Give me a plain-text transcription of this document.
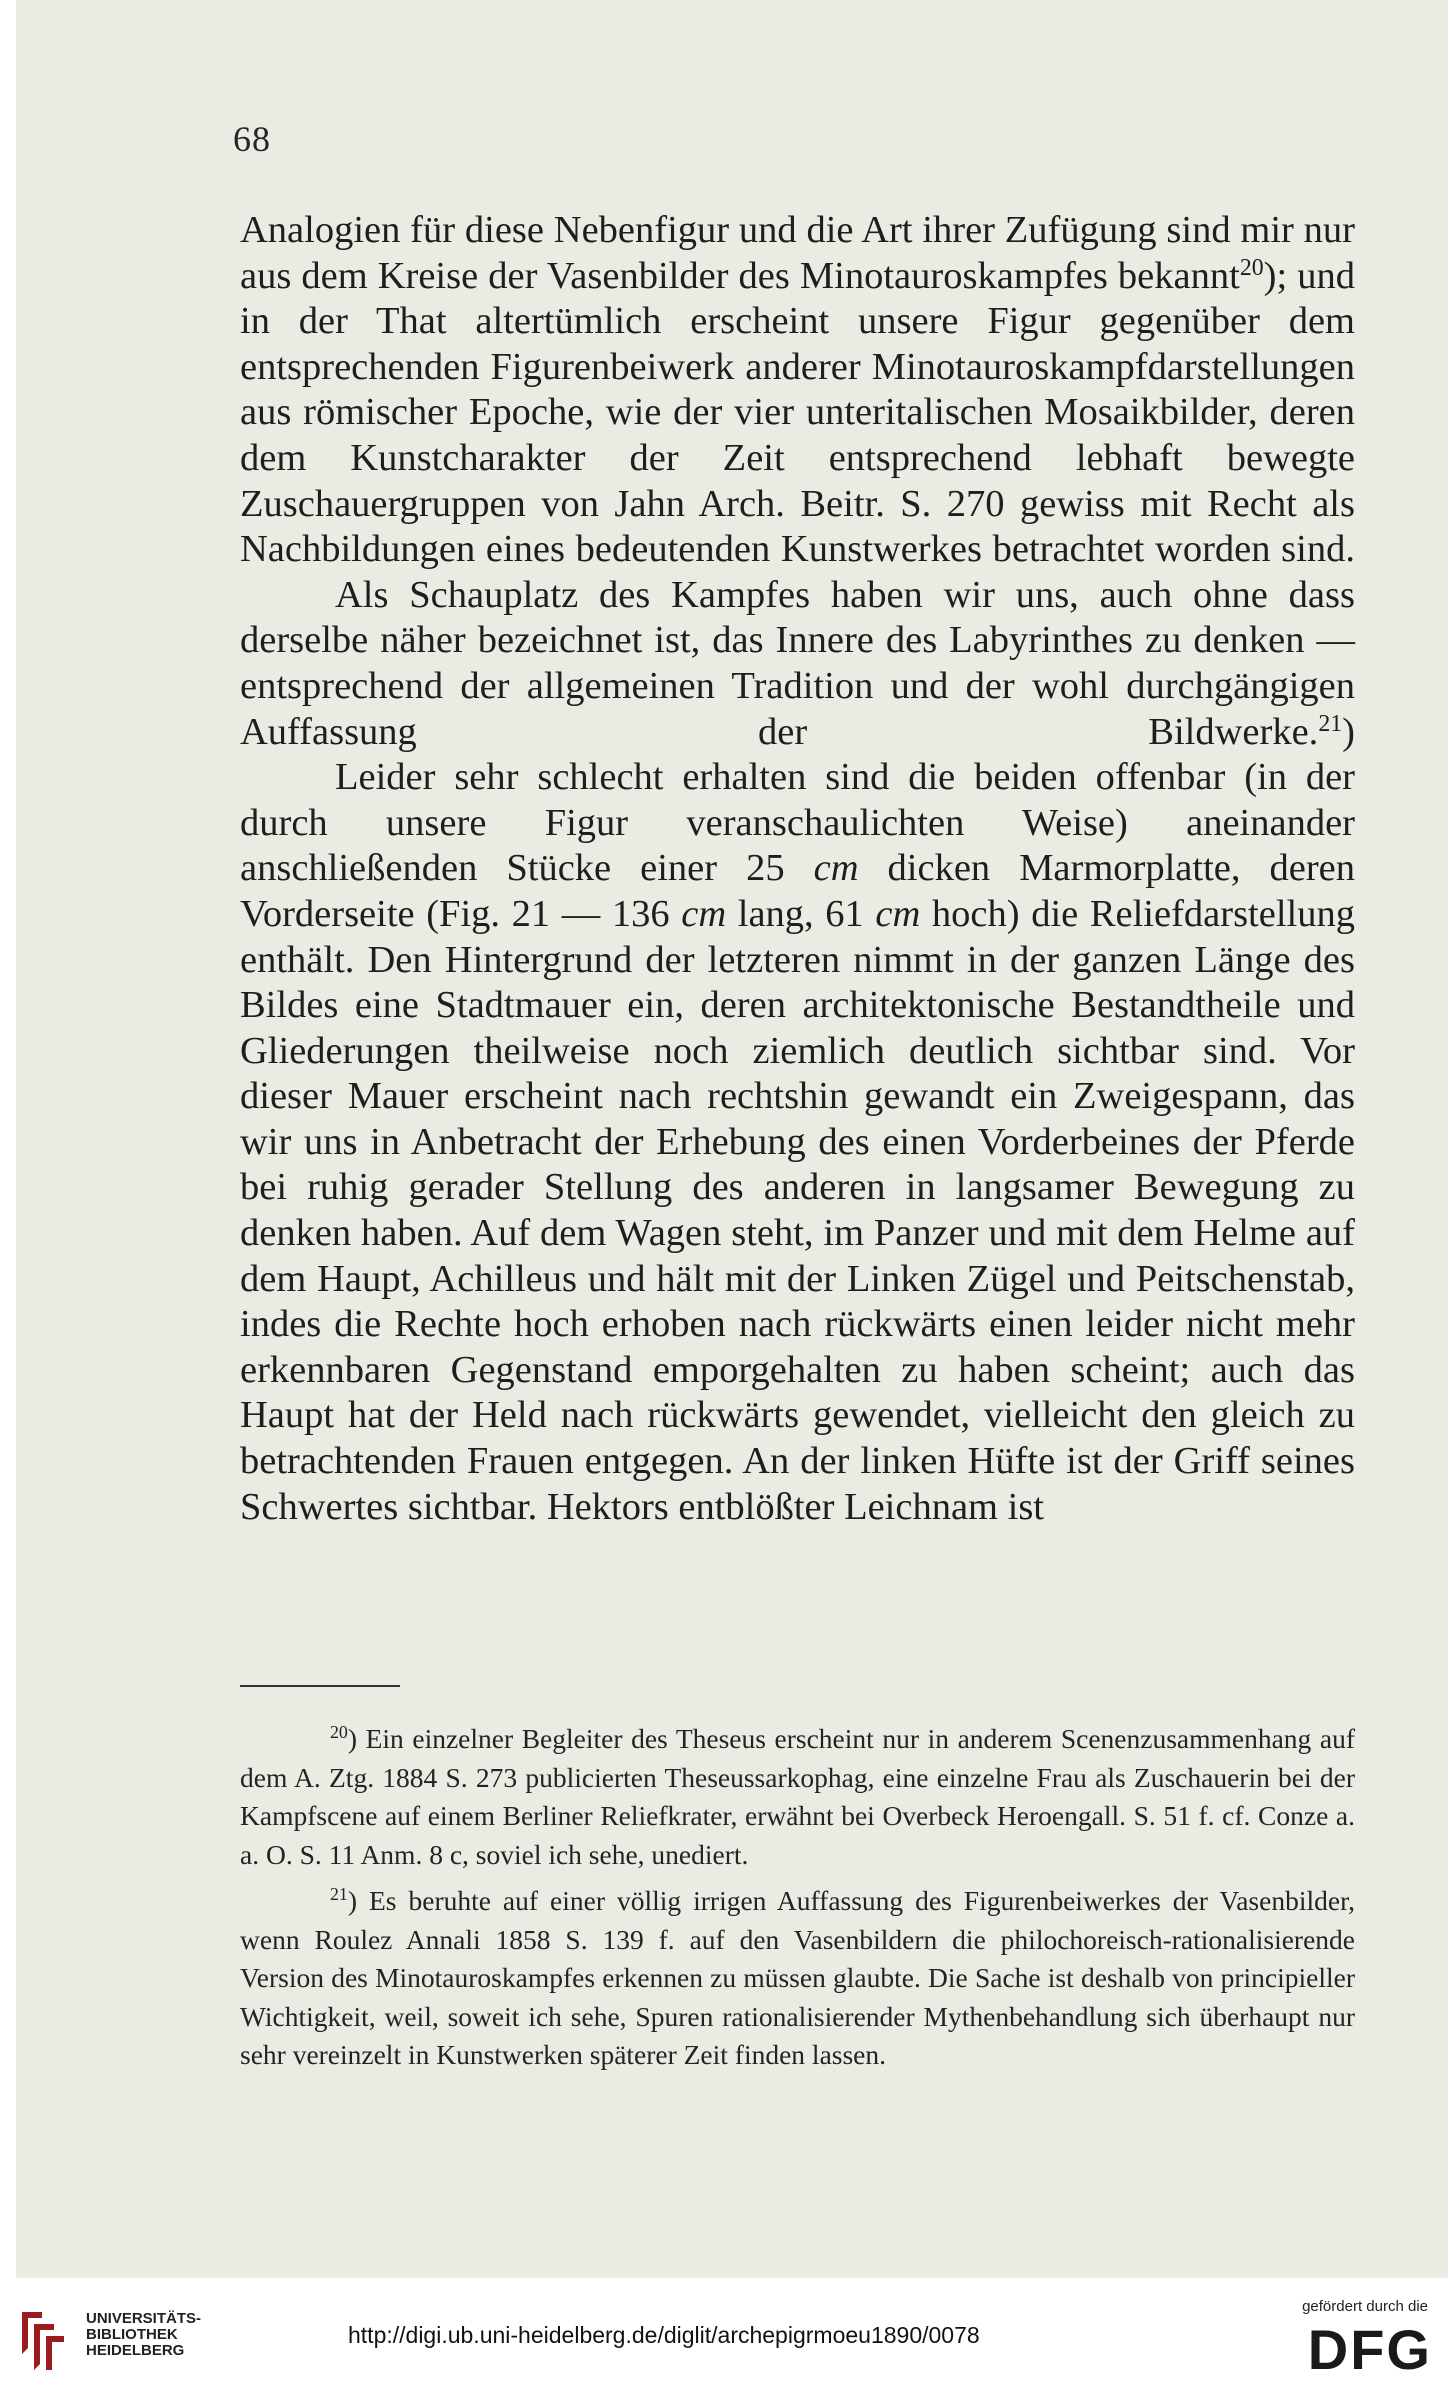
68

Analogien für diese Nebenfigur und die Art ihrer Zufügung sind mir nur aus dem Kreise der Vasenbilder des Minotauroskampfes bekannt$^{20}$); und in der That altertümlich erscheint unsere Figur gegenüber dem entsprechenden Figurenbeiwerk anderer Minotauroskampfdarstellungen aus römischer Epoche, wie der vier unteritalischen Mosaikbilder, deren dem Kunstcharakter der Zeit entsprechend lebhaft bewegte Zuschauergruppen von Jahn Arch. Beitr. S. 270 gewiss mit Recht als Nachbildungen eines bedeutenden Kunstwerkes betrachtet worden sind.

Als Schauplatz des Kampfes haben wir uns, auch ohne dass derselbe näher bezeichnet ist, das Innere des Labyrinthes zu denken — entsprechend der allgemeinen Tradition und der wohl durchgängigen Auffassung der Bildwerke.$^{21}$)

Leider sehr schlecht erhalten sind die beiden offenbar (in der durch unsere Figur veranschaulichten Weise) aneinander anschließenden Stücke einer 25 cm dicken Marmorplatte, deren Vorderseite (Fig. 21 — 136 cm lang, 61 cm hoch) die Reliefdarstellung enthält. Den Hintergrund der letzteren nimmt in der ganzen Länge des Bildes eine Stadtmauer ein, deren architektonische Bestandtheile und Gliederungen theilweise noch ziemlich deutlich sichtbar sind. Vor dieser Mauer erscheint nach rechtshin gewandt ein Zweigespann, das wir uns in Anbetracht der Erhebung des einen Vorderbeines der Pferde bei ruhig gerader Stellung des anderen in langsamer Bewegung zu denken haben. Auf dem Wagen steht, im Panzer und mit dem Helme auf dem Haupt, Achilleus und hält mit der Linken Zügel und Peitschenstab, indes die Rechte hoch erhoben nach rückwärts einen leider nicht mehr erkennbaren Gegenstand emporgehalten zu haben scheint; auch das Haupt hat der Held nach rückwärts gewendet, vielleicht den gleich zu betrachtenden Frauen entgegen. An der linken Hüfte ist der Griff seines Schwertes sichtbar. Hektors entblößter Leichnam ist

$^{20}$) Ein einzelner Begleiter des Theseus erscheint nur in anderem Scenenzusammenhang auf dem A. Ztg. 1884 S. 273 publicierten Theseussarkophag, eine einzelne Frau als Zuschauerin bei der Kampfscene auf einem Berliner Reliefkrater, erwähnt bei Overbeck Heroengall. S. 51 f. cf. Conze a. a. O. S. 11 Anm. 8 c, soviel ich sehe, unediert.

$^{21}$) Es beruhte auf einer völlig irrigen Auffassung des Figurenbeiwerkes der Vasenbilder, wenn Roulez Annali 1858 S. 139 f. auf den Vasenbildern die philochoreisch-rationalisierende Version des Minotauroskampfes erkennen zu müssen glaubte. Die Sache ist deshalb von principieller Wichtigkeit, weil, soweit ich sehe, Spuren rationalisierender Mythenbehandlung sich überhaupt nur sehr vereinzelt in Kunstwerken späterer Zeit finden lassen.

UNIVERSITÄTS-
BIBLIOTHEK
HEIDELBERG
http://digi.ub.uni-heidelberg.de/diglit/archepigrmoeu1890/0078
gefördert durch die
DFG
